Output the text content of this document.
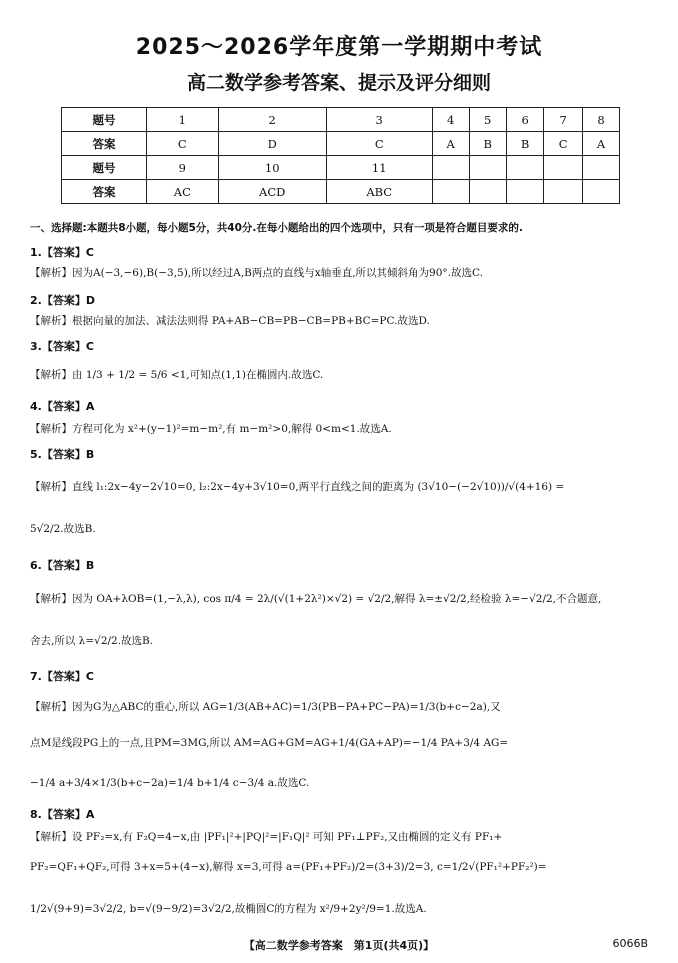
2025～2026学年度第一学期期中考试
高二数学参考答案、提示及评分细则
题号	1	2	3	4	5	6	7	8
答案	C	D	C	A	B	B	C	A
题号	9	10	11					
答案	AC	ACD	ABC					
一、选择题:本题共8小题，每小题5分，共40分.在每小题给出的四个选项中，只有一项是符合题目要求的.
1.【答案】C
【解析】因为A(−3,−6),B(−3,5),所以经过A,B两点的直线与x轴垂直,所以其倾斜角为90°.故选C.
2.【答案】D
【解析】根据向量的加法、减法法则得 PA+AB−CB=PB−CB=PB+BC=PC.故选D.
3.【答案】C
【解析】由 1/3 + 1/2 = 5/6 <1,可知点(1,1)在椭圆内.故选C.
4.【答案】A
【解析】方程可化为 x²+(y−1)²=m−m²,有 m−m²>0,解得 0<m<1.故选A.
5.【答案】B
【解析】直线 l₁:2x−4y−2√10=0, l₂:2x−4y+3√10=0,两平行直线之间的距离为 (3√10−(−2√10))/√(4+16) =
5√2/2.故选B.
6.【答案】B
【解析】因为 OA+λOB=(1,−λ,λ), cos π/4 = 2λ/(√(1+2λ²)×√2) = √2/2,解得 λ=±√2/2,经检验 λ=−√2/2,不合题意,
舍去,所以 λ=√2/2.故选B.
7.【答案】C
【解析】因为G为△ABC的重心,所以 AG=1/3(AB+AC)=1/3(PB−PA+PC−PA)=1/3(b+c−2a),又
点M是线段PG上的一点,且PM=3MG,所以 AM=AG+GM=AG+1/4(GA+AP)=−1/4 PA+3/4 AG=
−1/4 a+3/4×1/3(b+c−2a)=1/4 b+1/4 c−3/4 a.故选C.
8.【答案】A
【解析】设 PF₂=x,有 F₂Q=4−x,由 |PF₁|²+|PQ|²=|F₁Q|² 可知 PF₁⊥PF₂,又由椭圆的定义有 PF₁+
PF₂=QF₁+QF₂,可得 3+x=5+(4−x),解得 x=3,可得 a=(PF₁+PF₂)/2=(3+3)/2=3, c=1/2√(PF₁²+PF₂²)=
1/2√(9+9)=3√2/2, b=√(9−9/2)=3√2/2,故椭圆C的方程为 x²/9+2y²/9=1.故选A.
【高二数学参考答案　第1页(共4页)】	6066B
